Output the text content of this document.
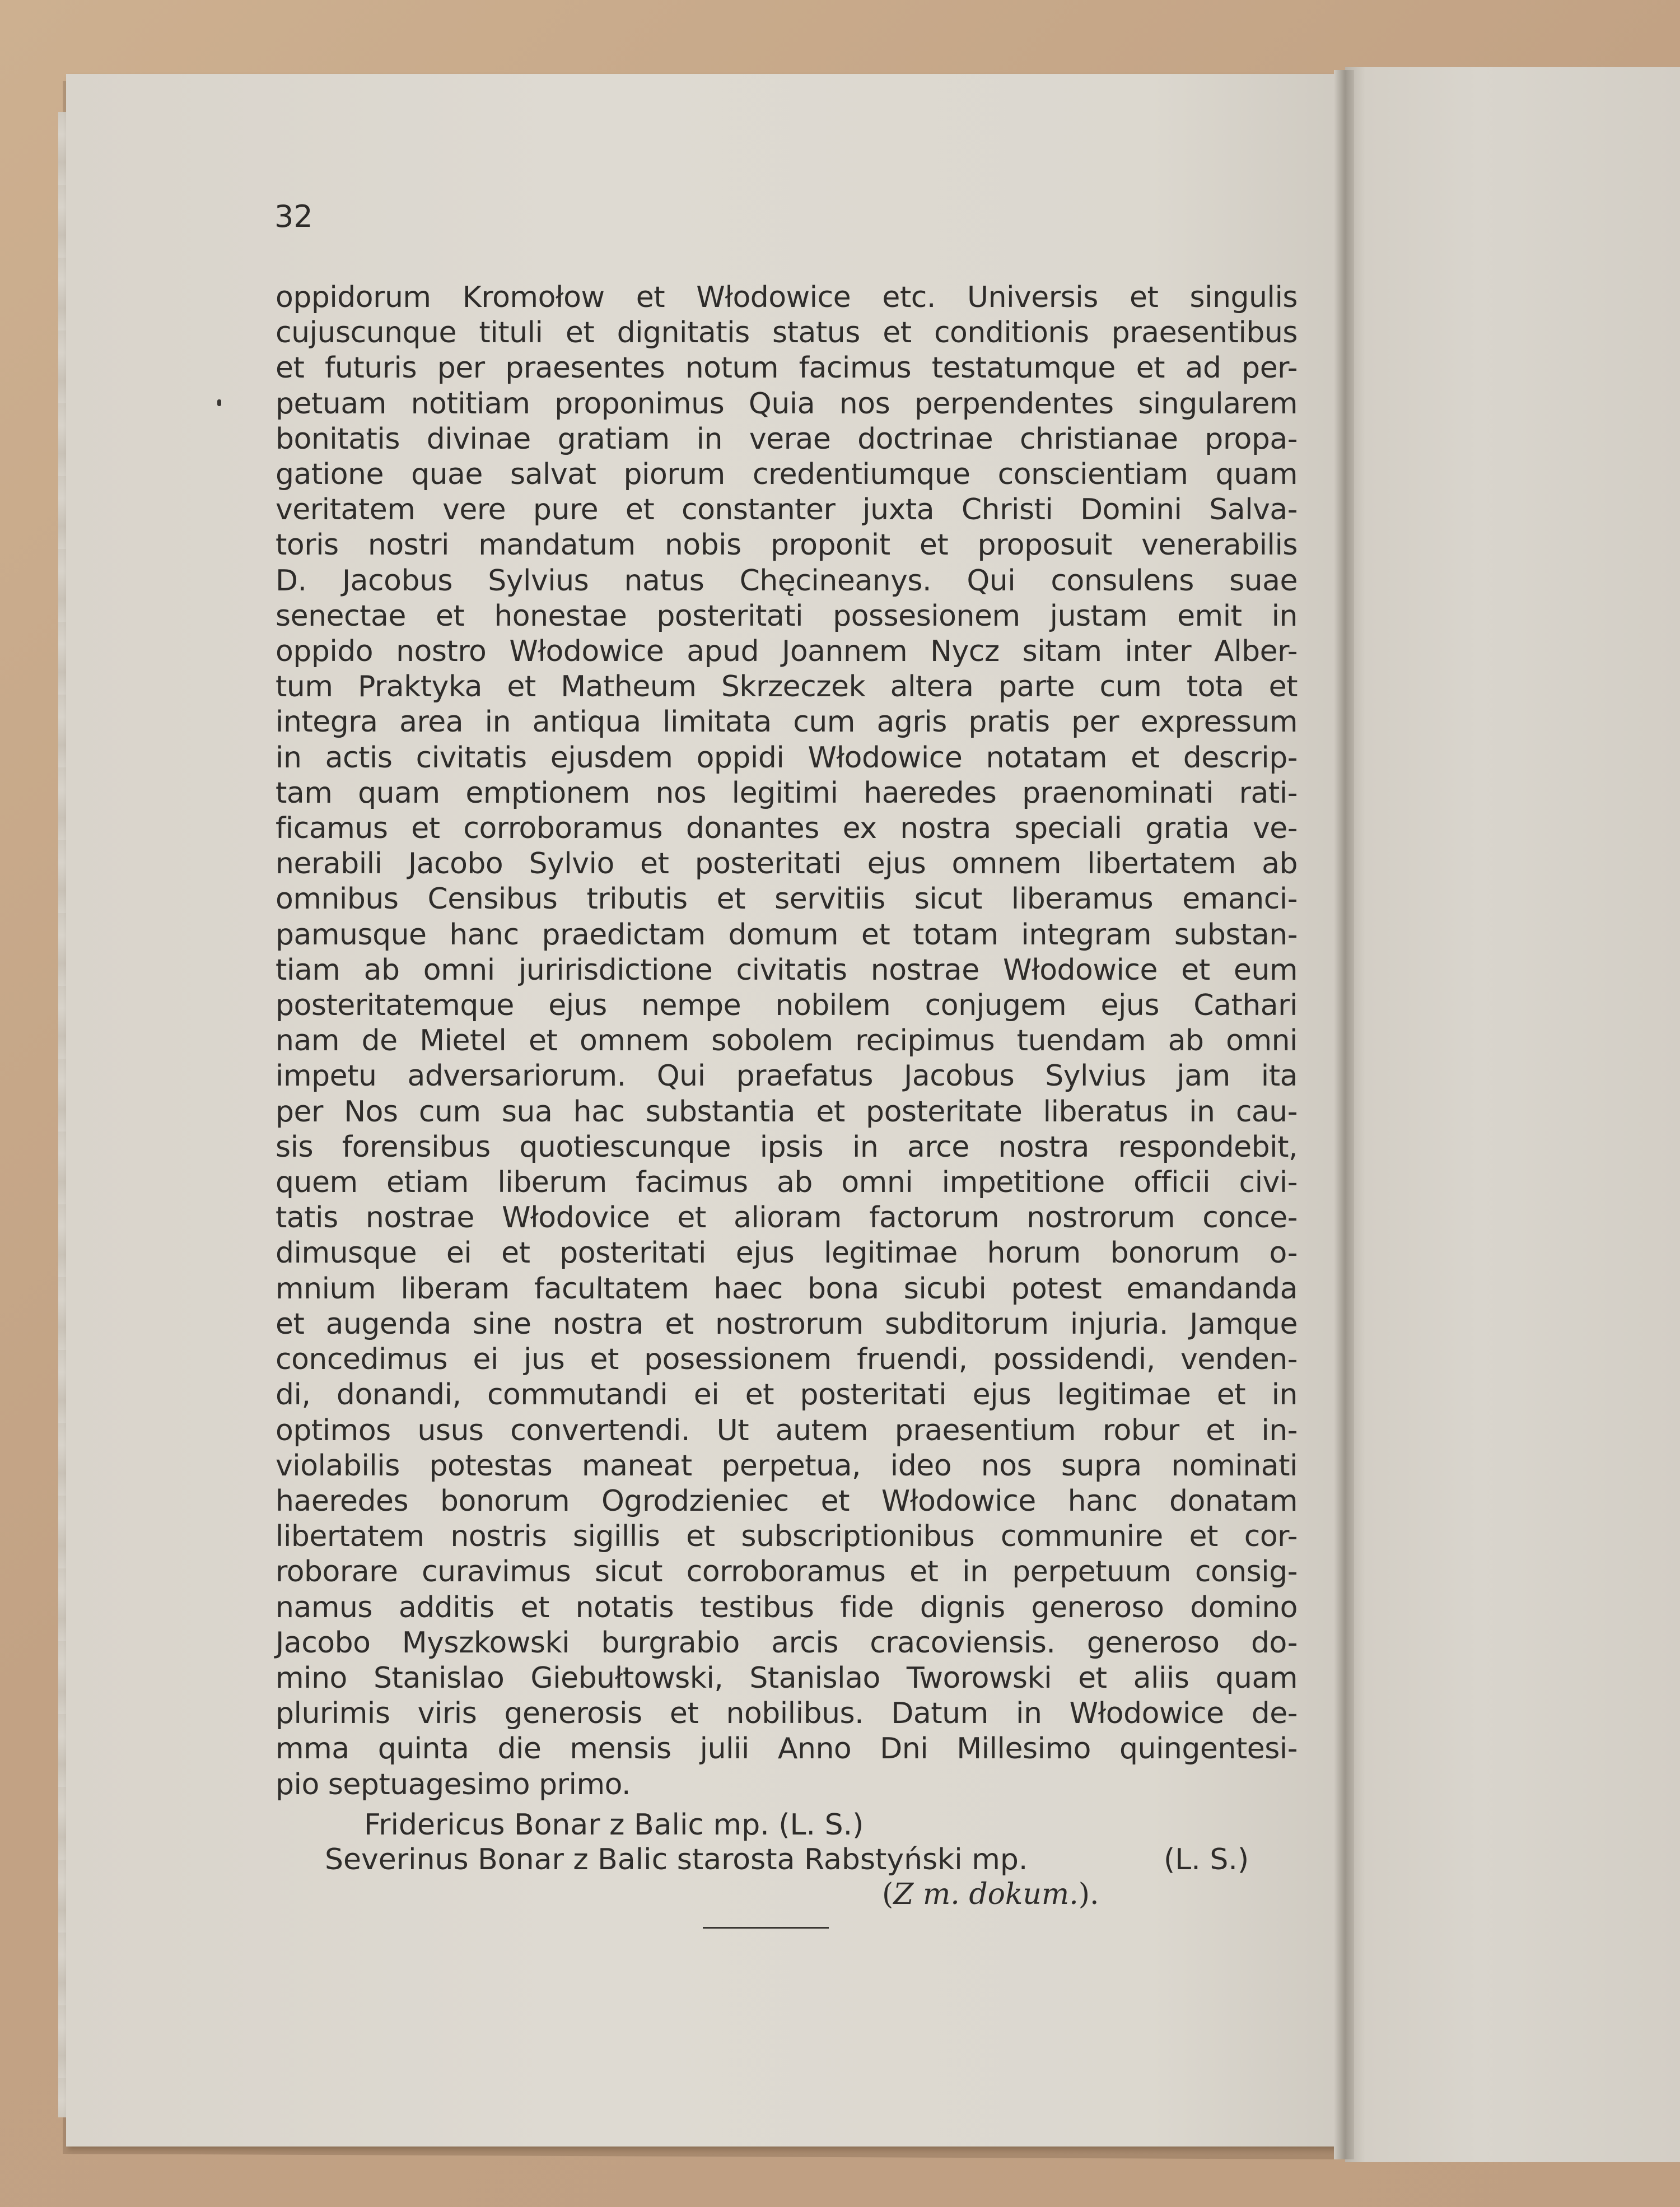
32
oppidorum Kromołow et Włodowice etc. Universis et singulis
cujuscunque tituli et dignitatis status et conditionis praesentibus
et futuris per praesentes notum facimus testatumque et ad per-
petuam notitiam proponimus Quia nos perpendentes singularem
bonitatis divinae gratiam in verae doctrinae christianae propa-
gatione quae salvat piorum credentiumque conscientiam quam
veritatem vere pure et constanter juxta Christi Domini Salva-
toris nostri mandatum nobis proponit et proposuit venerabilis
D. Jacobus Sylvius natus Chęcineanys. Qui consulens suae
senectae et honestae posteritati possesionem justam emit in
oppido nostro Włodowice apud Joannem Nycz sitam inter Alber-
tum Praktyka et Matheum Skrzeczek altera parte cum tota et
integra area in antiqua limitata cum agris pratis per expressum
in actis civitatis ejusdem oppidi Włodowice notatam et descrip-
tam quam emptionem nos legitimi haeredes praenominati rati-
ficamus et corroboramus donantes ex nostra speciali gratia ve-
nerabili Jacobo Sylvio et posteritati ejus omnem libertatem ab
omnibus Censibus tributis et servitiis sicut liberamus emanci-
pamusque hanc praedictam domum et totam integram substan-
tiam ab omni juririsdictione civitatis nostrae Włodowice et eum
posteritatemque ejus nempe nobilem conjugem ejus Cathari
nam de Mietel et omnem sobolem recipimus tuendam ab omni
impetu adversariorum. Qui praefatus Jacobus Sylvius jam ita
per Nos cum sua hac substantia et posteritate liberatus in cau-
sis forensibus quotiescunque ipsis in arce nostra respondebit,
quem etiam liberum facimus ab omni impetitione officii civi-
tatis nostrae Włodovice et alioram factorum nostrorum conce-
dimusque ei et posteritati ejus legitimae horum bonorum o-
mnium liberam facultatem haec bona sicubi potest emandanda
et augenda sine nostra et nostrorum subditorum injuria. Jamque
concedimus ei jus et posessionem fruendi, possidendi, venden-
di, donandi, commutandi ei et posteritati ejus legitimae et in
optimos usus convertendi. Ut autem praesentium robur et in-
violabilis potestas maneat perpetua, ideo nos supra nominati
haeredes bonorum Ogrodzieniec et Włodowice hanc donatam
libertatem nostris sigillis et subscriptionibus communire et cor-
roborare curavimus sicut corroboramus et in perpetuum consig-
namus additis et notatis testibus fide dignis generoso domino
Jacobo Myszkowski burgrabio arcis cracoviensis. generoso do-
mino Stanislao Giebułtowski, Stanislao Tworowski et aliis quam
plurimis viris generosis et nobilibus. Datum in Włodowice de-
mma quinta die mensis julii Anno Dni Millesimo quingentesi-
pio septuagesimo primo.
Fridericus Bonar z Balic mp. (L. S.)
Severinus Bonar z Balic starosta Rabstyński mp.	(L. S.)
(Z m. dokum.).
